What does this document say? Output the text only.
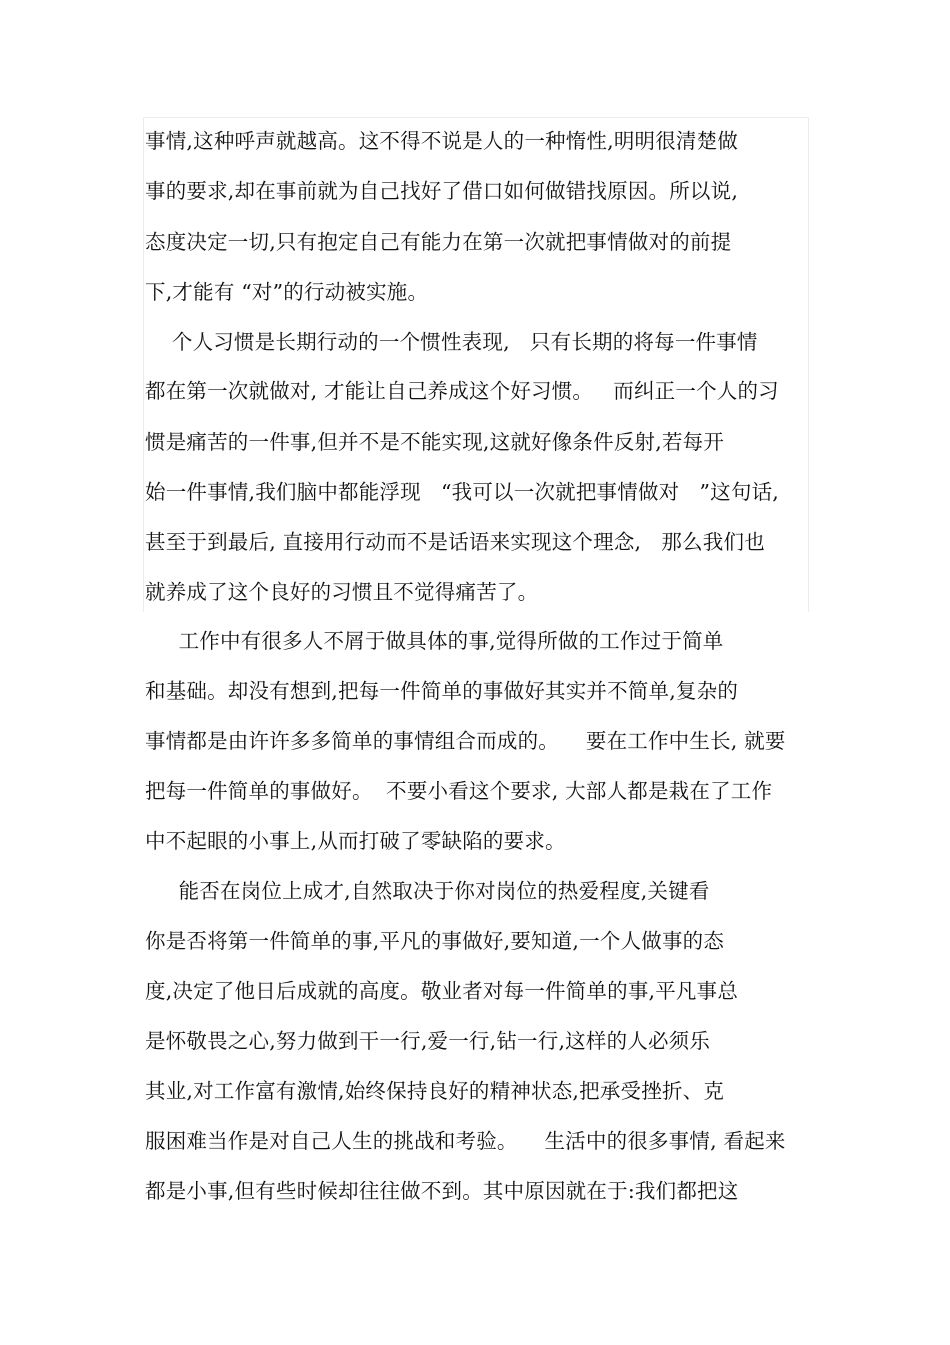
事情,这种呼声就越高。这不得不说是人的一种惰性,明明很清楚做
事的要求,却在事前就为自己找好了借口如何做错找原因。所以说,
态度决定一切,只有抱定自己有能力在第一次就把事情做对的前提
下,才能有 “对”的行动被实施。
个人习惯是长期行动的一个惯性表现,   只有长期的将每一件事情
都在第一次就做对, 才能让自己养成这个好习惯。   而纠正一个人的习
惯是痛苦的一件事,但并不是不能实现,这就好像条件反射,若每开
始一件事情,我们脑中都能浮现   “我可以一次就把事情做对   ”这句话,
甚至于到最后, 直接用行动而不是话语来实现这个理念,   那么我们也
就养成了这个良好的习惯且不觉得痛苦了。
工作中有很多人不屑于做具体的事,觉得所做的工作过于简单
和基础。却没有想到,把每一件简单的事做好其实并不简单,复杂的
事情都是由许许多多简单的事情组合而成的。    要在工作中生长, 就要
把每一件简单的事做好。  不要小看这个要求, 大部人都是栽在了工作
中不起眼的小事上,从而打破了零缺陷的要求。
能否在岗位上成才,自然取决于你对岗位的热爱程度,关键看
你是否将第一件简单的事,平凡的事做好,要知道,一个人做事的态
度,决定了他日后成就的高度。敬业者对每一件简单的事,平凡事总
是怀敬畏之心,努力做到干一行,爱一行,钻一行,这样的人必须乐
其业,对工作富有激情,始终保持良好的精神状态,把承受挫折、克
服困难当作是对自己人生的挑战和考验。    生活中的很多事情, 看起来
都是小事,但有些时候却往往做不到。其中原因就在于:我们都把这
